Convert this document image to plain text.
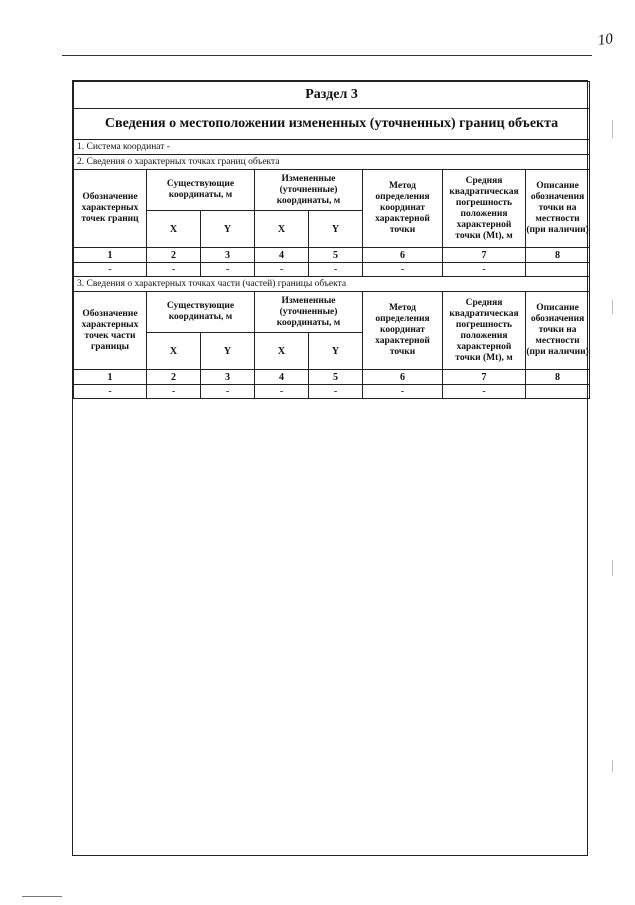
10
Раздел 3							
Сведения о местоположении измененных (уточненных) границ объекта							
1. Система координат -							
2. Сведения о характерных точках границ объекта							
Обозначение характерных точек границ	Существующие координаты, м		Измененные (уточненные) координаты, м		Метод определения координат характерной точки	Средняя квадратическая погрешность положения характерной точки (Mt), м	Описание обозначения точки на местности (при наличии)
	X	Y	X	Y			
1	2	3	4	5	6	7	8
-	-	-	-	-	-	-	
3. Сведения о характерных точках части (частей) границы объекта							
Обозначение характерных точек части границы	Существующие координаты, м		Измененные (уточненные) координаты, м		Метод определения координат характерной точки	Средняя квадратическая погрешность положения характерной точки (Mt), м	Описание обозначения точки на местности (при наличии)
	X	Y	X	Y			
1	2	3	4	5	6	7	8
-	-	-	-	-	-	-	
